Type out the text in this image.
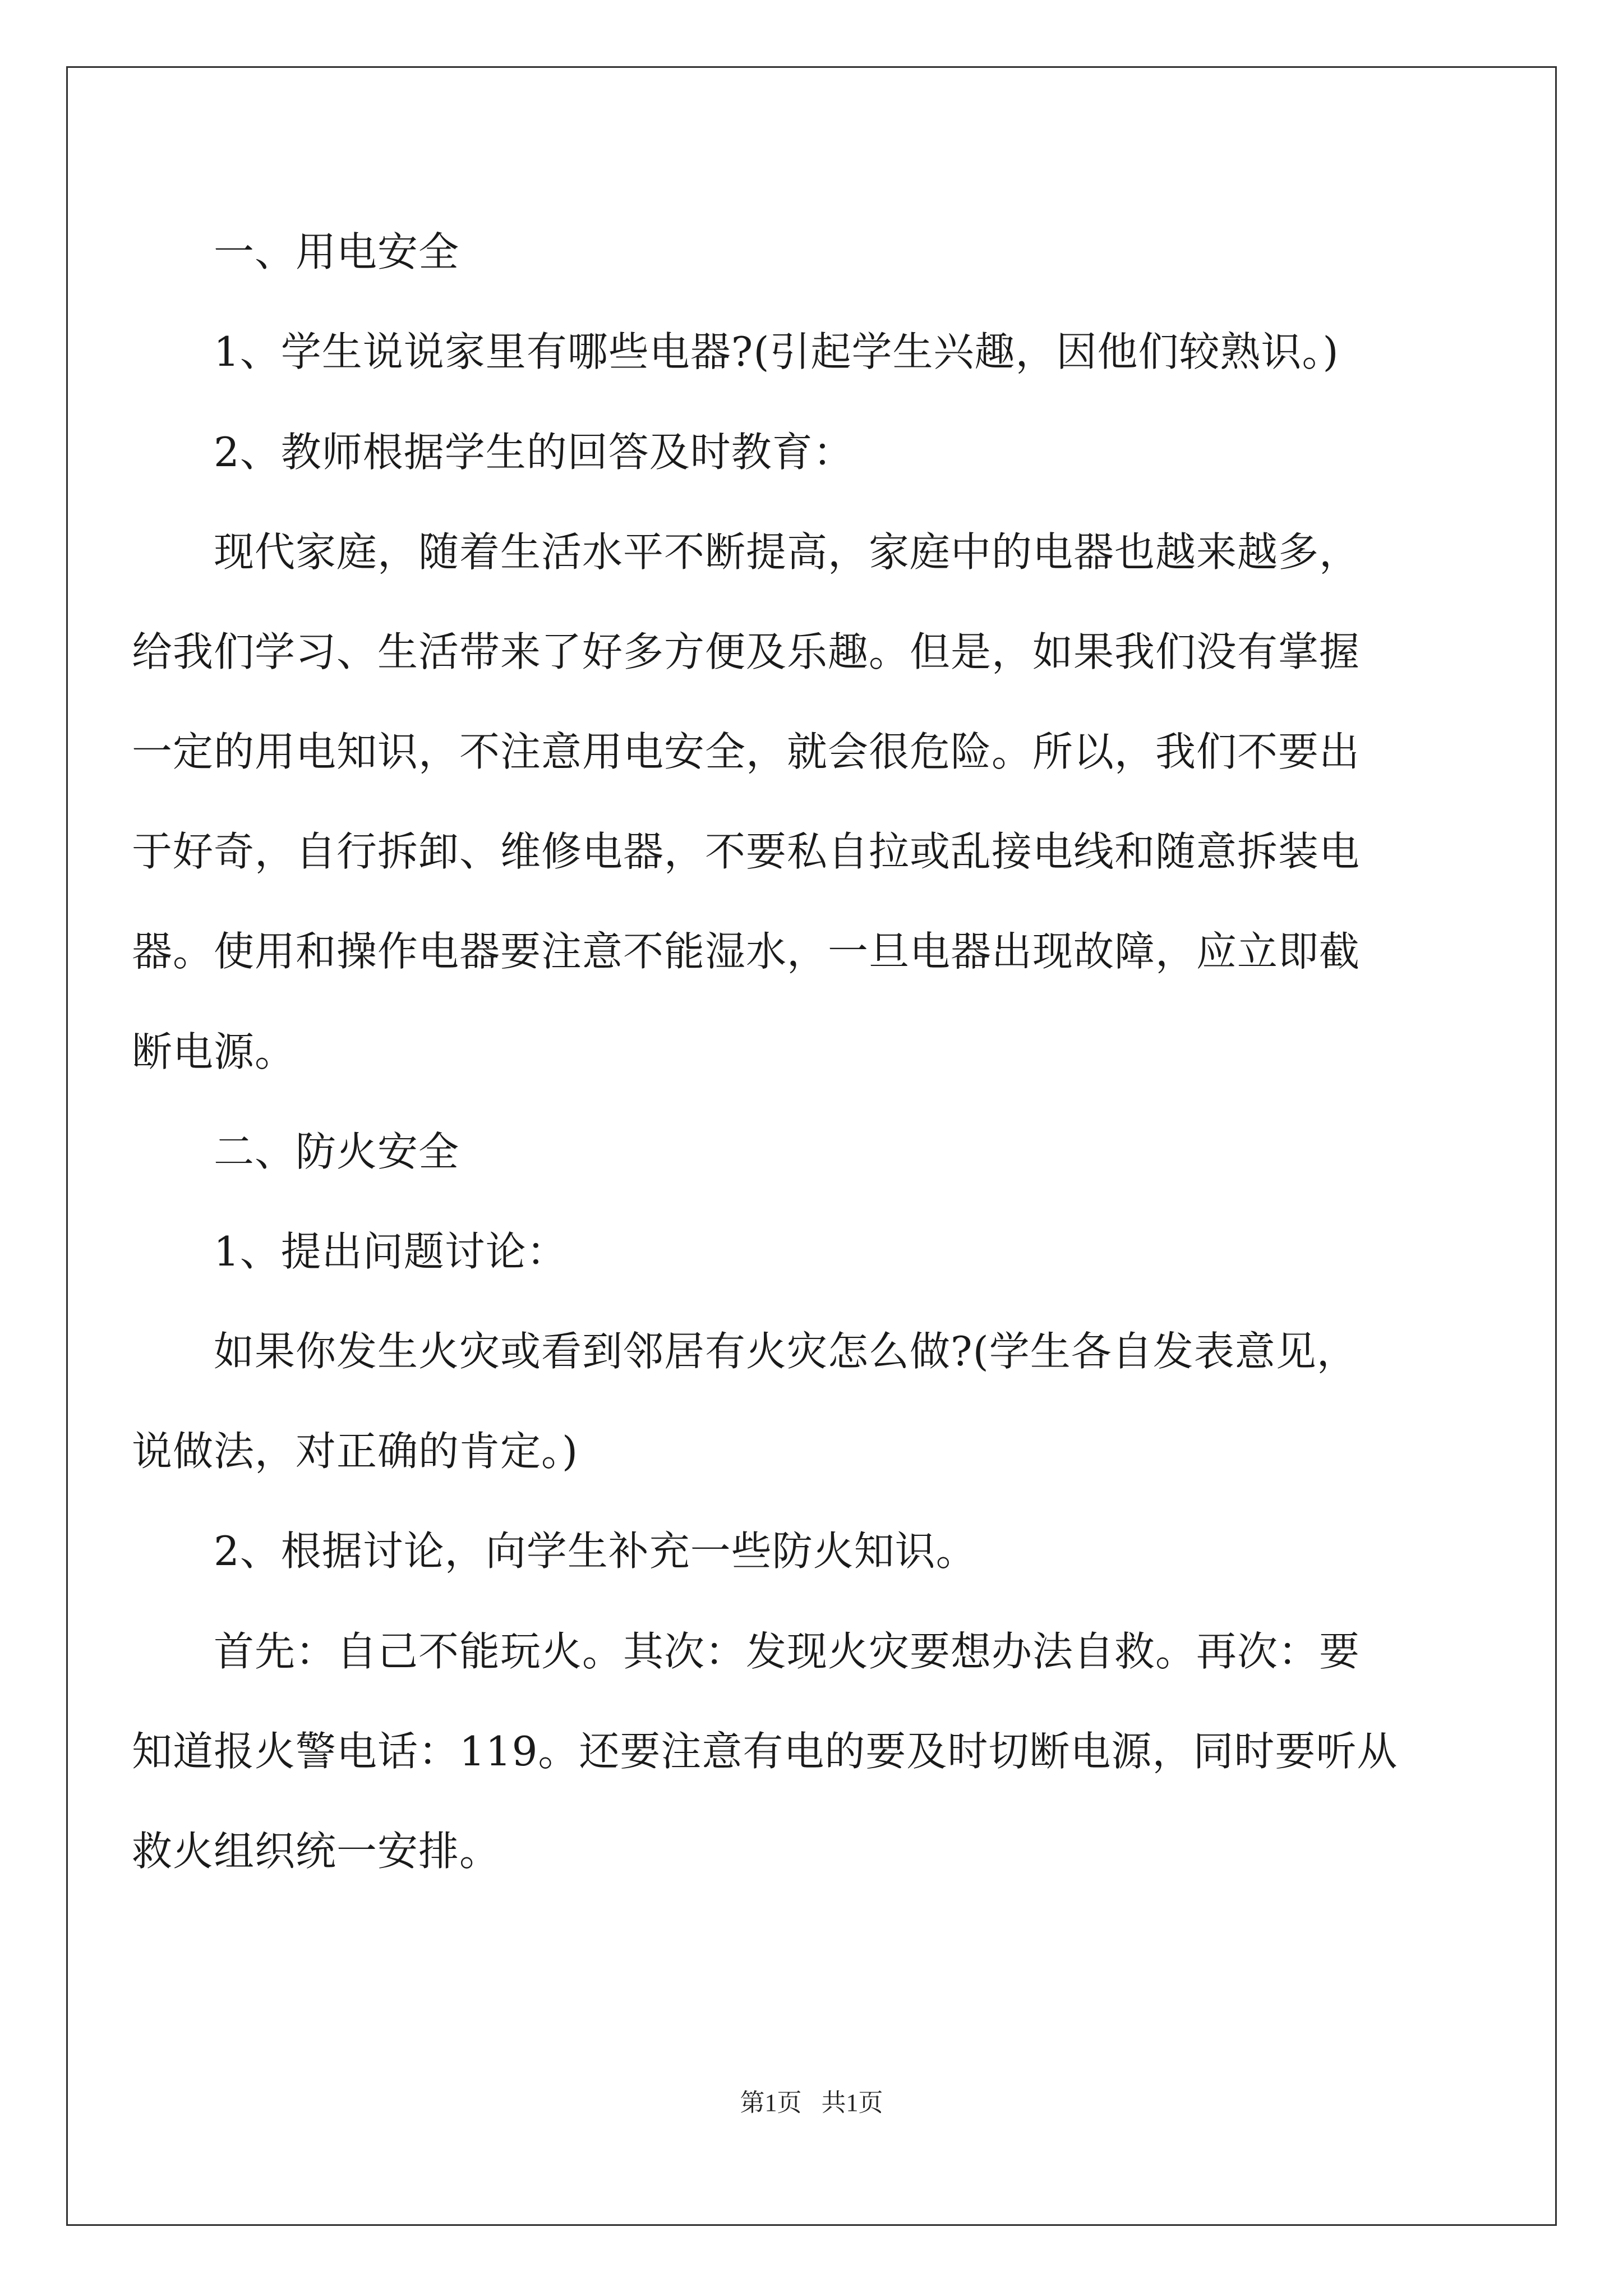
一、用电安全
1、学生说说家里有哪些电器?(引起学生兴趣，因他们较熟识。)
2、教师根据学生的回答及时教育：
现代家庭，随着生活水平不断提高，家庭中的电器也越来越多，
给我们学习、生活带来了好多方便及乐趣。但是，如果我们没有掌握
一定的用电知识，不注意用电安全，就会很危险。所以，我们不要出
于好奇，自行拆卸、维修电器，不要私自拉或乱接电线和随意拆装电
器。使用和操作电器要注意不能湿水，一旦电器出现故障，应立即截
断电源。
二、防火安全
1、提出问题讨论：
如果你发生火灾或看到邻居有火灾怎么做?(学生各自发表意见，
说做法，对正确的肯定。)
2、根据讨论，向学生补充一些防火知识。
首先：自己不能玩火。其次：发现火灾要想办法自救。再次：要
知道报火警电话：119。还要注意有电的要及时切断电源，同时要听从
救火组织统一安排。
第1页 共1页
